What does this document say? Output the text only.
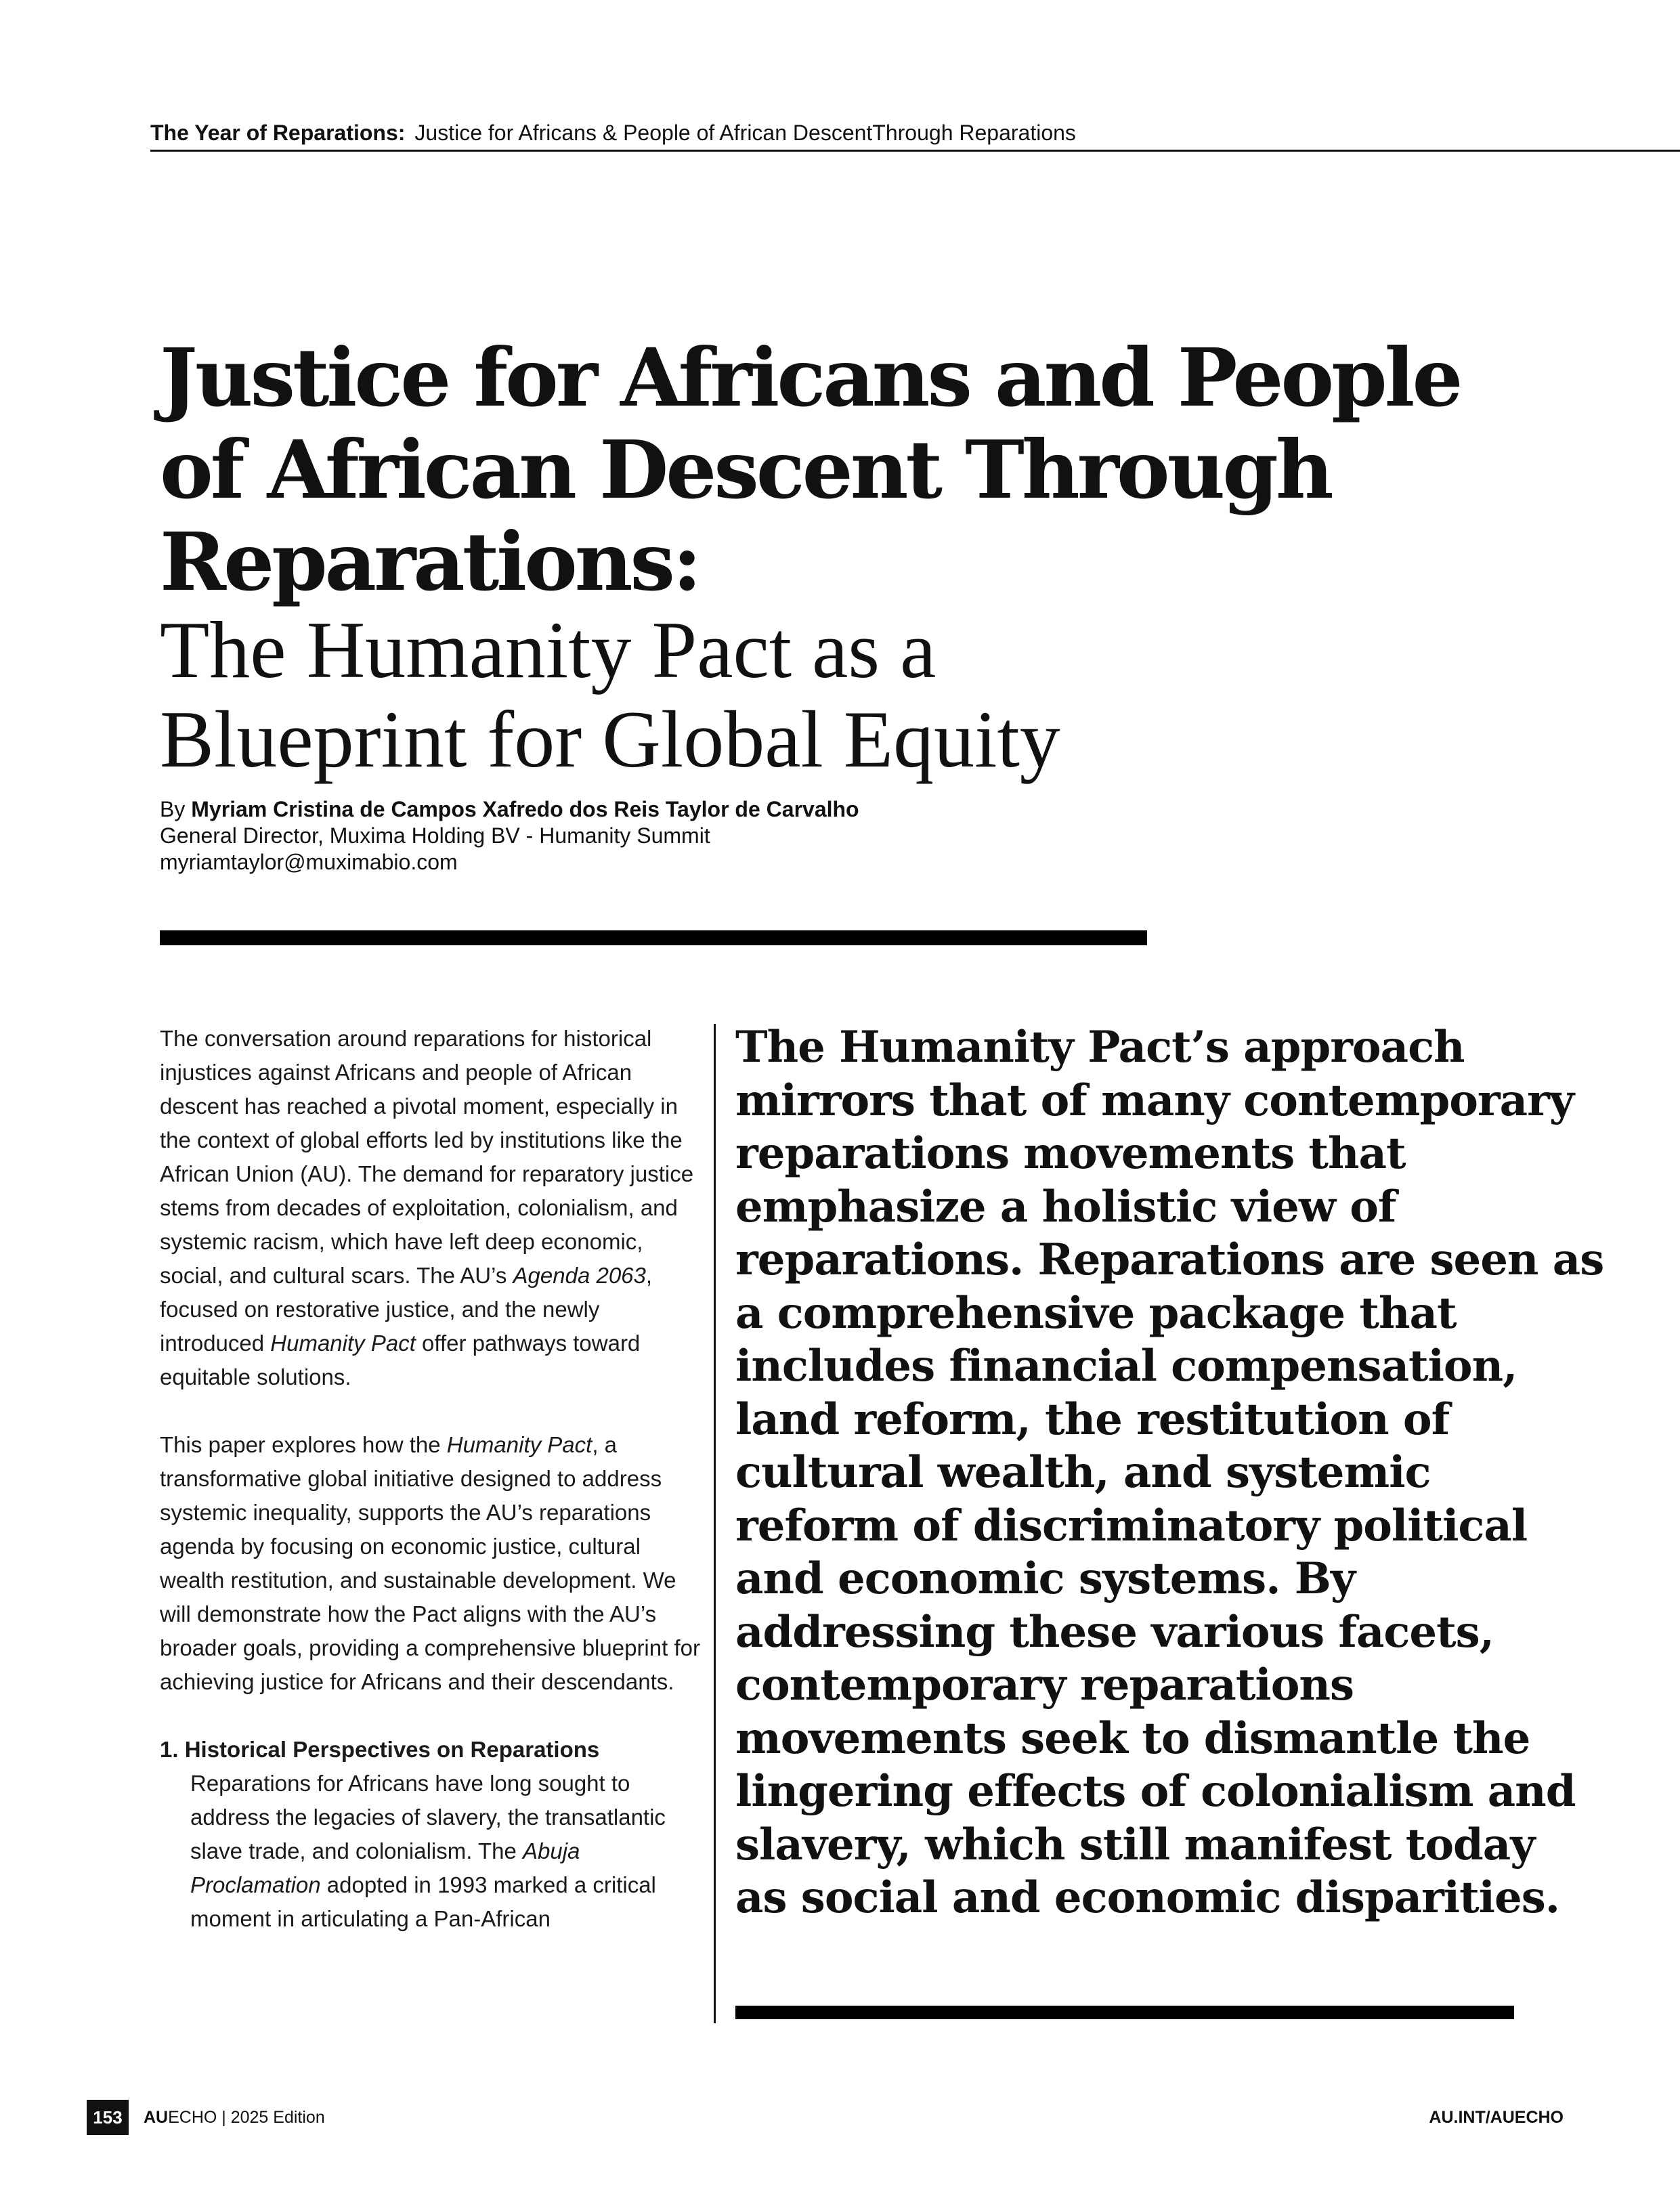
The Year of Reparations: Justice for Africans & People of African DescentThrough Reparations
Justice for Africans and People
of African Descent Through
Reparations:
The Humanity Pact as a
Blueprint for Global Equity
By Myriam Cristina de Campos Xafredo dos Reis Taylor de Carvalho
General Director, Muxima Holding BV - Humanity Summit
myriamtaylor@muximabio.com

The conversation around reparations for historical injustices against Africans and people of African descent has reached a pivotal moment, especially in the context of global efforts led by institutions like the African Union (AU). The demand for reparatory justice stems from decades of exploitation, colonialism, and systemic racism, which have left deep economic, social, and cultural scars. The AU’s Agenda 2063, focused on restorative justice, and the newly introduced Humanity Pact offer pathways toward equitable solutions.

This paper explores how the Humanity Pact, a transformative global initiative designed to address systemic inequality, supports the AU’s reparations agenda by focusing on economic justice, cultural wealth restitution, and sustainable development. We will demonstrate how the Pact aligns with the AU’s broader goals, providing a comprehensive blueprint for achieving justice for Africans and their descendants.

1. Historical Perspectives on Reparations

Reparations for Africans have long sought to address the legacies of slavery, the transatlantic slave trade, and colonialism. The Abuja Proclamation adopted in 1993 marked a critical moment in articulating a Pan-African

The Humanity Pact’s approach
mirrors that of many contemporary
reparations movements that
emphasize a holistic view of
reparations. Reparations are seen as
a comprehensive package that
includes financial compensation,
land reform, the restitution of
cultural wealth, and systemic
reform of discriminatory political
and economic systems. By
addressing these various facets,
contemporary reparations
movements seek to dismantle the
lingering effects of colonialism and
slavery, which still manifest today
as social and economic disparities.
153	AUECHO | 2025 Edition	AU.INT/AUECHO
